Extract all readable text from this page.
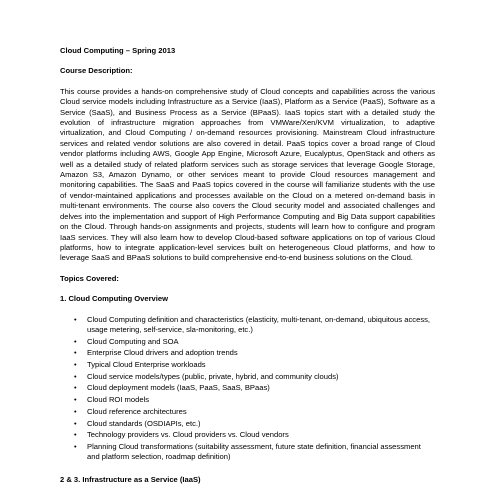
Cloud Computing – Spring 2013
Course Description:
This course provides a hands-on comprehensive study of Cloud concepts and capabilities across the various Cloud service models including Infrastructure as a Service (IaaS), Platform as a Service (PaaS), Software as a Service (SaaS), and Business Process as a Service (BPaaS). IaaS topics start with a detailed study the evolution of infrastructure migration approaches from VMWare/Xen/KVM virtualization, to adaptive virtualization, and Cloud Computing / on-demand resources provisioning. Mainstream Cloud infrastructure services and related vendor solutions are also covered in detail. PaaS topics cover a broad range of Cloud vendor platforms including AWS, Google App Engine, Microsoft Azure, Eucalyptus, OpenStack and others as well as a detailed study of related platform services such as storage services that leverage Google Storage, Amazon S3, Amazon Dynamo, or other services meant to provide Cloud resources management and monitoring capabilities. The SaaS and PaaS topics covered in the course will familiarize students with the use of vendor-maintained applications and processes available on the Cloud on a metered on-demand basis in multi-tenant environments. The course also covers the Cloud security model and associated challenges and delves into the implementation and support of High Performance Computing and Big Data support capabilities on the Cloud. Through hands-on assignments and projects, students will learn how to configure and program IaaS services. They will also learn how to develop Cloud-based software applications on top of various Cloud platforms, how to integrate application-level services built on heterogeneous Cloud platforms, and how to leverage SaaS and BPaaS solutions to build comprehensive end-to-end business solutions on the Cloud.
Topics Covered:
1. Cloud Computing Overview
• Cloud Computing definition and characteristics (elasticity, multi-tenant, on-demand, ubiquitous access, usage metering, self-service, sla-monitoring, etc.)
• Cloud Computing and SOA
• Enterprise Cloud drivers and adoption trends
• Typical Cloud Enterprise workloads
• Cloud service models/types (public, private, hybrid, and community clouds)
• Cloud deployment models (IaaS, PaaS, SaaS, BPaas)
• Cloud ROI models
• Cloud reference architectures
• Cloud standards (OSDIAPIs, etc.)
• Technology providers vs. Cloud providers vs. Cloud vendors
• Planning Cloud transformations (suitability assessment, future state definition, financial assessment and platform selection, roadmap definition)
2 & 3. Infrastructure as a Service (IaaS)
